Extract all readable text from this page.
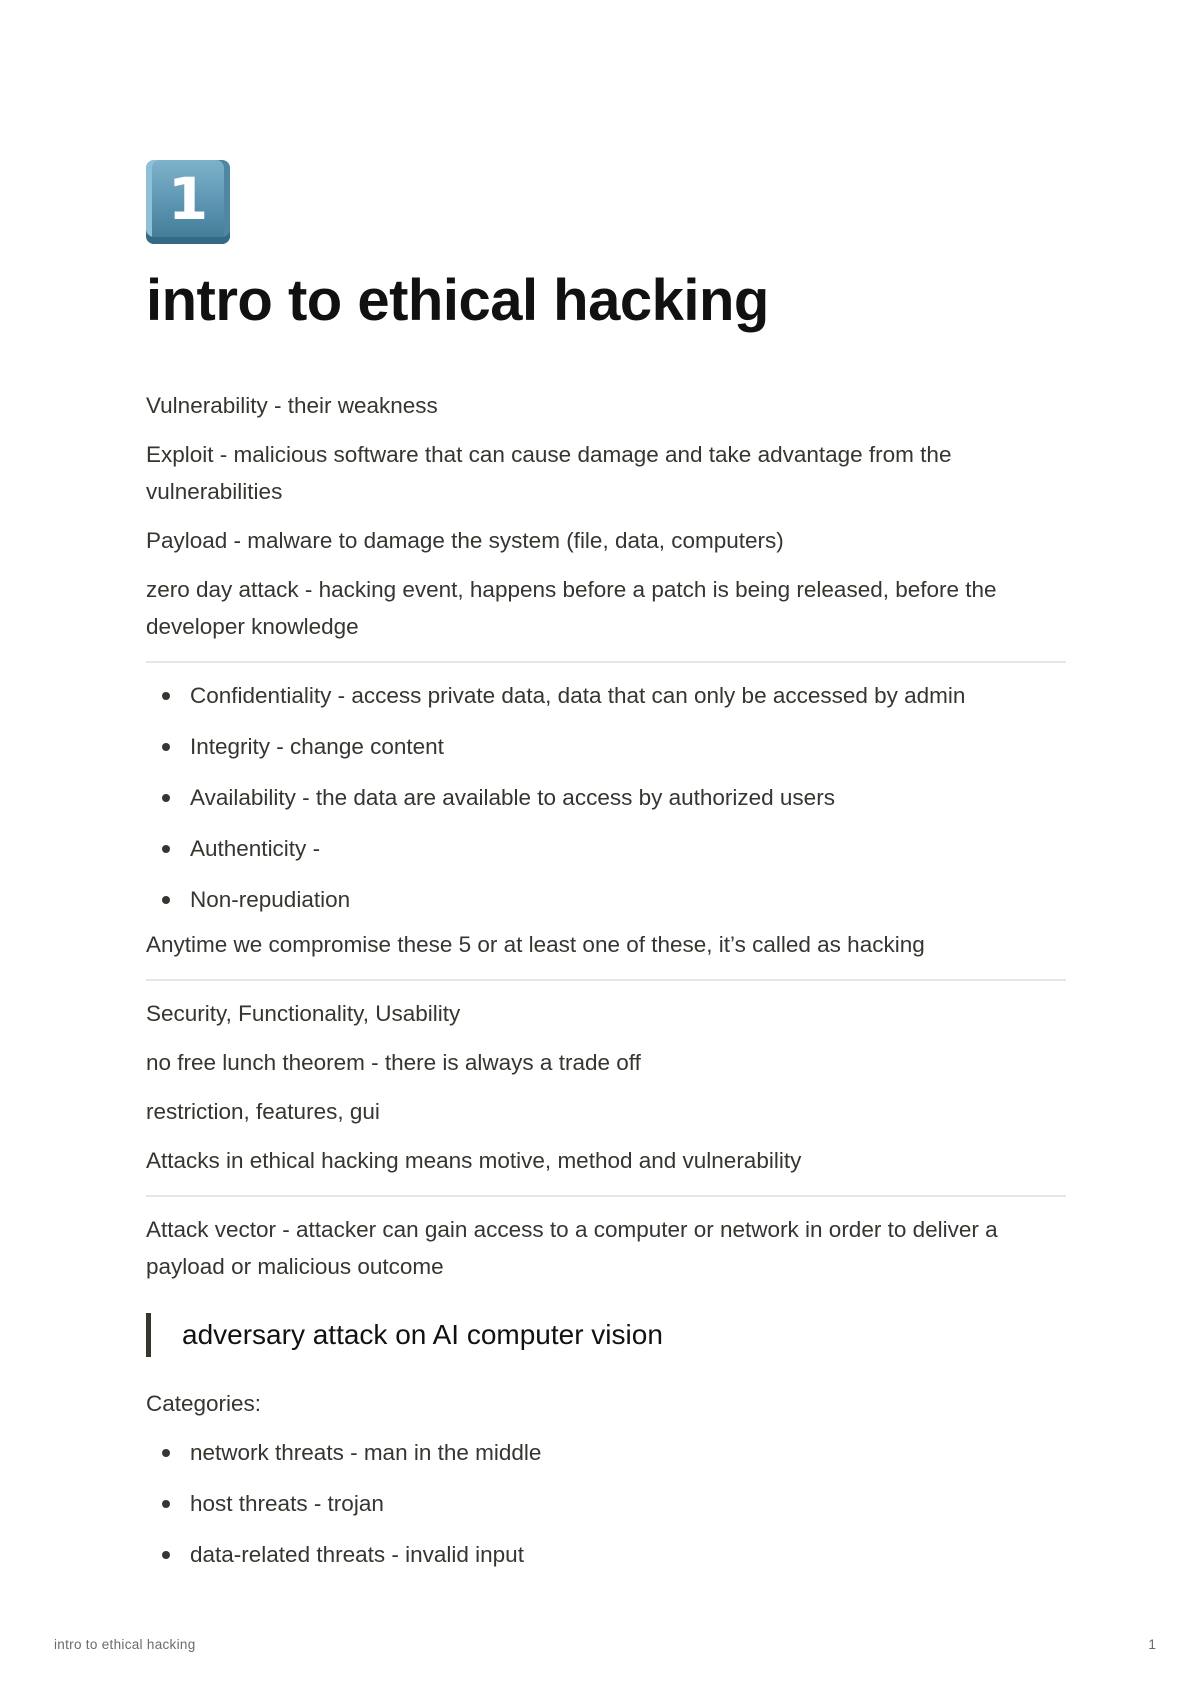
1
intro to ethical hacking

Vulnerability - their weakness

Exploit - malicious software that can cause damage and take advantage from the vulnerabilities

Payload - malware to damage the system (file, data, computers)

zero day attack - hacking event, happens before a patch is being released, before the developer knowledge

Confidentiality - access private data, data that can only be accessed by admin
Integrity - change content
Availability - the data are available to access by authorized users
Authenticity -
Non-repudiation

Anytime we compromise these 5 or at least one of these, it’s called as hacking

Security, Functionality, Usability

no free lunch theorem - there is always a trade off

restriction, features, gui

Attacks in ethical hacking means motive, method and vulnerability

Attack vector - attacker can gain access to a computer or network in order to deliver a payload or malicious outcome

adversary attack on AI computer vision

Categories:

network threats - man in the middle
host threats - trojan
data-related threats - invalid input
intro to ethical hacking	1
